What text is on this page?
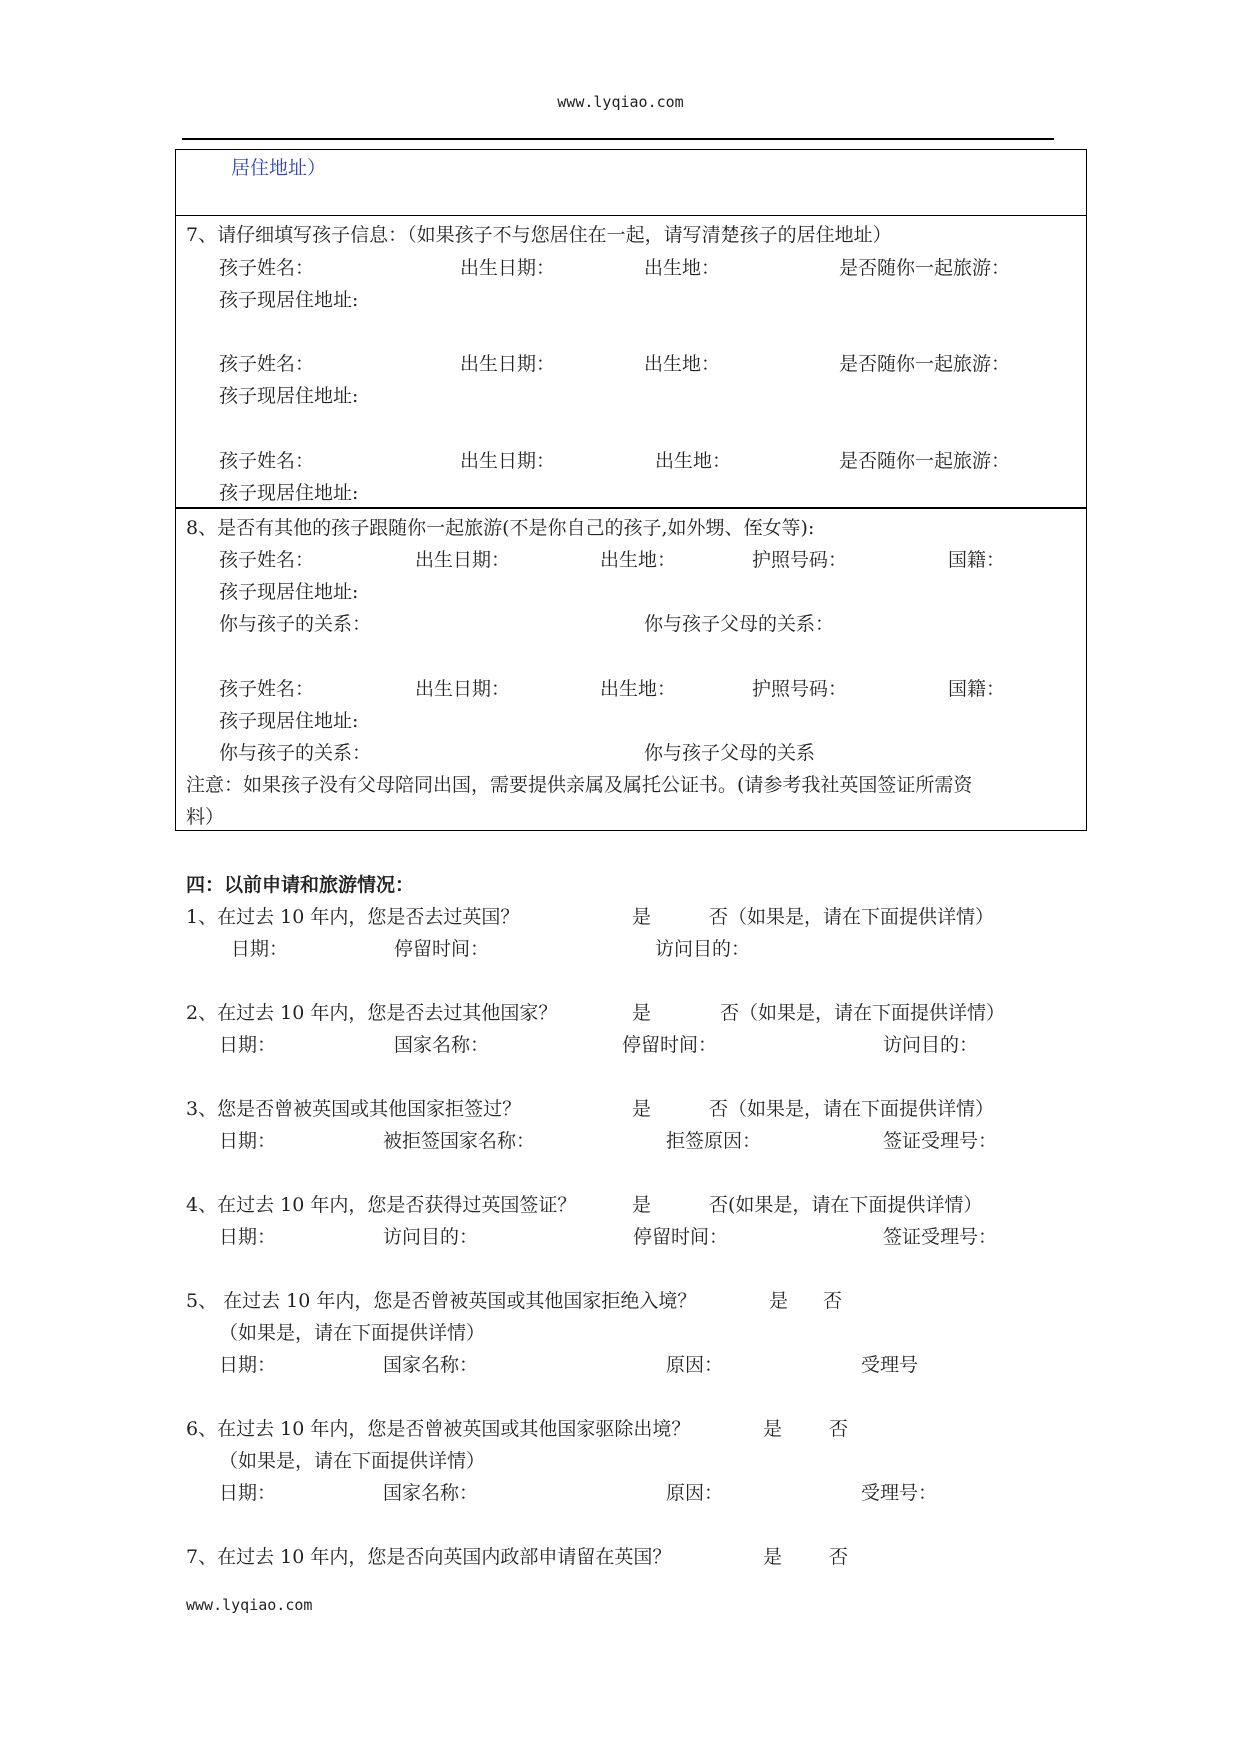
www.lyqiao.com
居住地址）
7、请仔细填写孩子信息：（如果孩子不与您居住在一起，请写清楚孩子的居住地址）
孩子姓名：	出生日期：	出生地：	是否随你一起旅游：
孩子现居住地址:
孩子姓名：	出生日期：	出生地：	是否随你一起旅游：
孩子现居住地址:
孩子姓名：	出生日期：	出生地：	是否随你一起旅游：
孩子现居住地址:
8、是否有其他的孩子跟随你一起旅游(不是你自己的孩子,如外甥、侄女等):
孩子姓名：	出生日期：	出生地：	护照号码：	国籍：
孩子现居住地址:
你与孩子的关系：	你与孩子父母的关系：
孩子姓名：	出生日期：	出生地：	护照号码：	国籍：
孩子现居住地址:
你与孩子的关系：	你与孩子父母的关系
注意：如果孩子没有父母陪同出国，需要提供亲属及属托公证书。(请参考我社英国签证所需资
料）
四：以前申请和旅游情况：
1、在过去 10 年内，您是否去过英国？	是	否（如果是，请在下面提供详情）
日期：	停留时间：	访问目的：
2、在过去 10 年内，您是否去过其他国家？	是	否（如果是，请在下面提供详情）
日期：	国家名称：	停留时间：	访问目的：
3、您是否曾被英国或其他国家拒签过？	是	否（如果是，请在下面提供详情）
日期：	被拒签国家名称：	拒签原因：	签证受理号：
4、在过去 10 年内，您是否获得过英国签证？	是	否(如果是，请在下面提供详情）
日期：	访问目的：	停留时间：	签证受理号：
5、 在过去 10 年内，您是否曾被英国或其他国家拒绝入境？	是 否
（如果是，请在下面提供详情）
日期：	国家名称：	原因：	受理号
6、在过去 10 年内，您是否曾被英国或其他国家驱除出境？	是 否
（如果是，请在下面提供详情）
日期：	国家名称：	原因：	受理号：
7、在过去 10 年内，您是否向英国内政部申请留在英国？	是 否
www.lyqiao.com
